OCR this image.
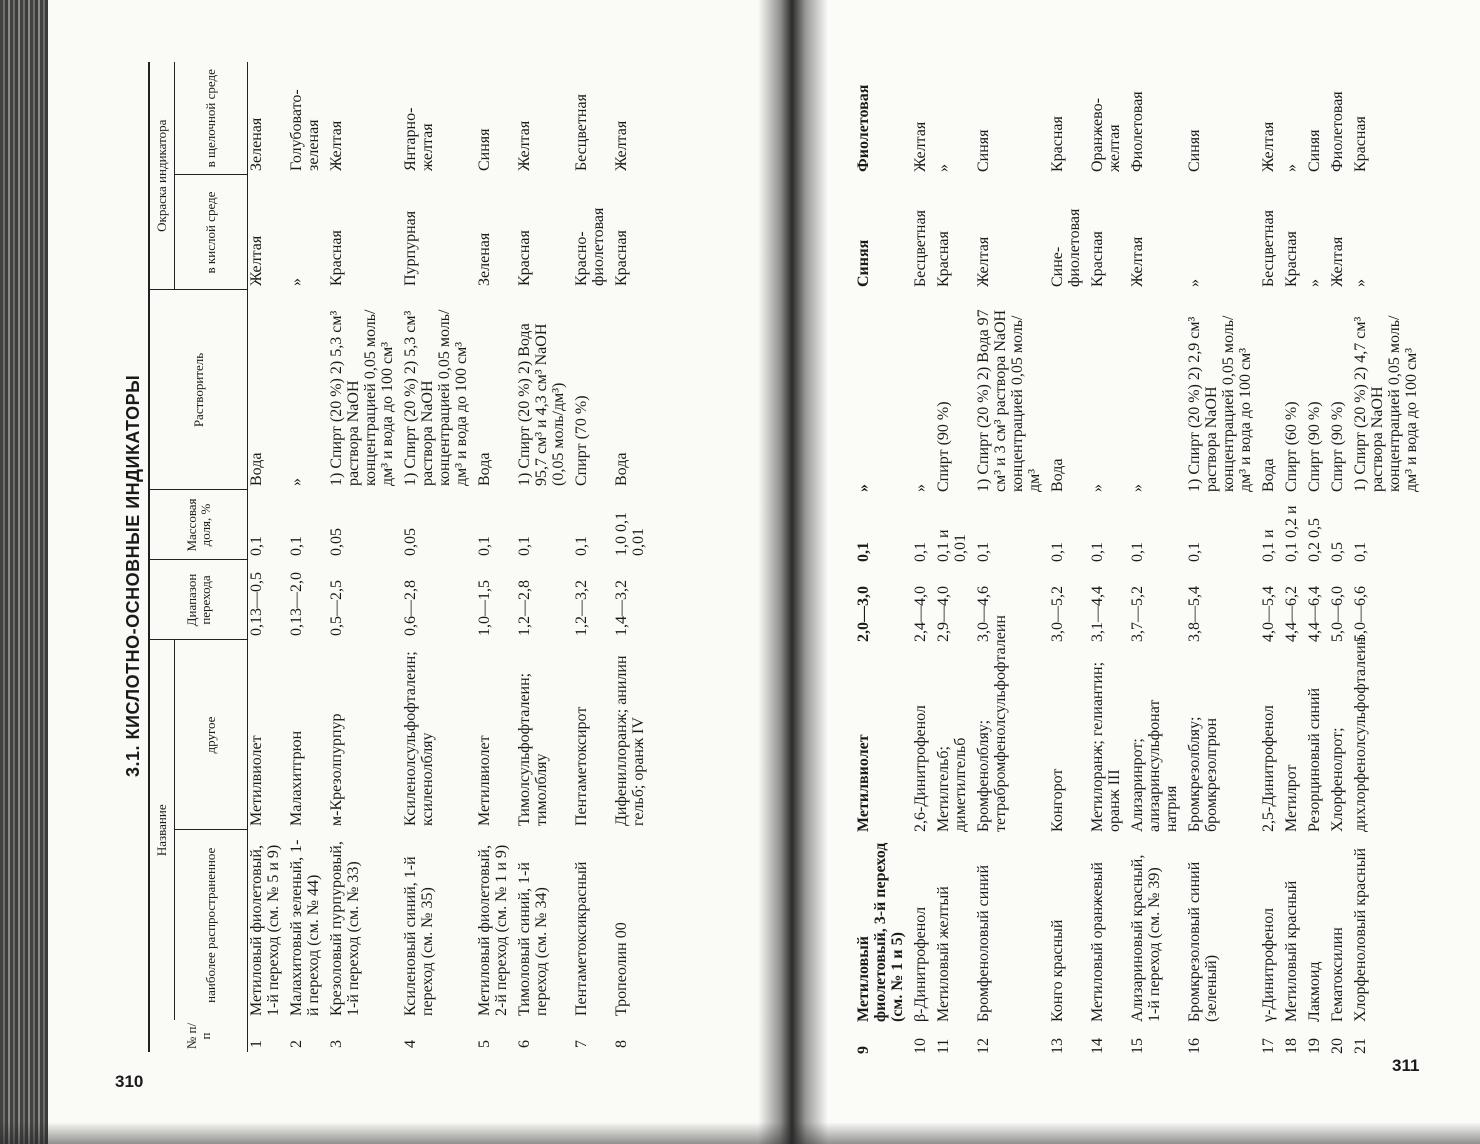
310
311
3.1. КИСЛОТНО-ОСНОВНЫЕ ИНДИКАТОРЫ
№ п/п	Название		Диапазон перехода	Массовая доля, %	Растворитель	Окраска индикатора	
	наиболее распространенное	другое				в кислой среде	в щелочной среде
1	Метиловый фиолетовый, 1-й переход (см. № 5 и 9)	Метилвиолет	0,13—0,5	0,1	Вода	Желтая	Зеленая
2	Малахитовый зеленый, 1-й переход (см. № 44)	Малахитгрюн	0,13—2,0	0,1	»	»	Голубовато-зеленая
3	Крезоловый пурпуровый, 1-й переход (см. № 33)	м-Крезолпурпур	0,5—2,5	0,05	1) Спирт (20 %) 2) 5,3 см³ раствора NaOH концентрацией 0,05 моль/дм³ и вода до 100 см³	Красная	Желтая
4	Ксиленовый синий, 1-й переход (см. № 35)	Ксиленолсульфофталеин; ксиленолбляу	0,6—2,8	0,05	1) Спирт (20 %) 2) 5,3 см³ раствора NaOH концентрацией 0,05 моль/дм³ и вода до 100 см³	Пурпурная	Янтарно-желтая
5	Метиловый фиолетовый, 2-й переход (см. № 1 и 9)	Метилвиолет	1,0—1,5	0,1	Вода	Зеленая	Синяя
6	Тимоловый синий, 1-й переход (см. № 34)	Тимолсульфофталеин; тимолбляу	1,2—2,8	0,1	1) Спирт (20 %) 2) Вода 95,7 см³ и 4,3 см³ NaOH (0,05 моль/дм³)	Красная	Желтая
7	Пентаметоксикрасный	Пентаметоксирот	1,2—3,2	0,1	Спирт (70 %)	Красно-фиолетовая	Бесцветная
8	Тропеолин 00	Дифениллоранж; анилин гельб; оранж IV	1,4—3,2	1,0 0,1 0,01	Вода	Красная	Желтая
9	Метиловый фиолетовый, 3-й переход (см. № 1 и 5)	Метилвиолет	2,0—3,0	0,1	»	Синяя	Фиолетовая
10	β-Динитрофенол	2,6-Динитрофенол	2,4—4,0	0,1	»	Бесцветная	Желтая
11	Метиловый желтый	Метилгельб; диметилгельб	2,9—4,0	0,1 и 0,01	Спирт (90 %)	Красная	»
12	Бромфеноловый синий	Бромфенолбляу; тетрабромфенолсульфофталеин	3,0—4,6	0,1	1) Спирт (20 %) 2) Вода 97 см³ и 3 см³ раствора NaOH концентрацией 0,05 моль/дм³	Желтая	Синяя
13	Конго красный	Конгорот	3,0—5,2	0,1	Вода	Сине-фиолетовая	Красная
14	Метиловый оранжевый	Метилоранж; гелиантин; оранж III	3,1—4,4	0,1	»	Красная	Оранжево-желтая
15	Ализариновый красный, 1-й переход (см. № 39)	Ализаринрот; ализаринсульфонат натрия	3,7—5,2	0,1	»	Желтая	Фиолетовая
16	Бромкрезоловый синий (зеленый)	Бромкрезолбляу; бромкрезолгрюн	3,8—5,4	0,1	1) Спирт (20 %) 2) 2,9 см³ раствора NaOH концентрацией 0,05 моль/дм³ и вода до 100 см³	»	Синяя
17	γ-Динитрофенол	2,5-Динитрофенол	4,0—5,4	0,1 и	Вода	Бесцветная	Желтая
18	Метиловый красный	Метилрот	4,4—6,2	0,1 0,2 и	Спирт (60 %)	Красная	»
19	Лакмоид	Резорциновый синий	4,4—6,4	0,2 0,5	Спирт (90 %)	»	Синяя
20	Гематоксилин	Хлорфенолрот;	5,0—6,0	0,5	Спирт (90 %)	Желтая	Фиолетовая
21	Хлорфеноловый красный	дихлорфенолсульфофталеин	5,0—6,6	0,1	1) Спирт (20 %) 2) 4,7 см³ раствора NaOH концентрацией 0,05 моль/дм³ и вода до 100 см³	»	Красная
